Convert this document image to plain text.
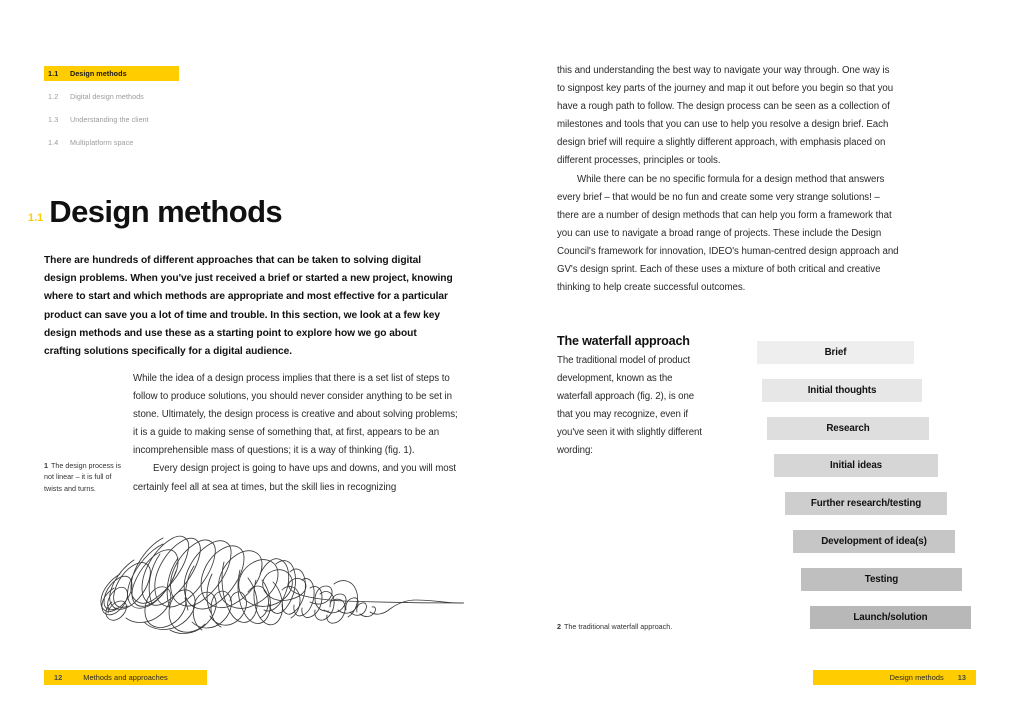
1.1	Design methods
1.2	Digital design methods
1.3	Understanding the client
1.4	Multiplatform space
1.1 Design methods
There are hundreds of different approaches that can be taken to solving digital design problems. When you've just received a brief or started a new project, knowing where to start and which methods are appropriate and most effective for a particular product can save you a lot of time and trouble. In this section, we look at a few key design methods and use these as a starting point to explore how we go about crafting solutions specifically for a digital audience.

While the idea of a design process implies that there is a set list of steps to follow to produce solutions, you should never consider anything to be set in stone. Ultimately, the design process is creative and about solving problems; it is a guide to making sense of something that, at first, appears to be an incomprehensible mass of questions; it is a way of thinking (fig. 1).

Every design project is going to have ups and downs, and you will most certainly feel all at sea at times, but the skill lies in recognizing

1 The design process is not linear – it is full of twists and turns.

this and understanding the best way to navigate your way through. One way is to signpost key parts of the journey and map it out before you begin so that you have a rough path to follow. The design process can be seen as a collection of milestones and tools that you can use to help you resolve a design brief. Each design brief will require a slightly different approach, with emphasis placed on different processes, principles or tools.

While there can be no specific formula for a design method that answers every brief – that would be no fun and create some very strange solutions! – there are a number of design methods that can help you form a framework that you can use to navigate a broad range of projects. These include the Design Council's framework for innovation, IDEO's human-centred design approach and GV's design sprint. Each of these uses a mixture of both critical and creative thinking to help create successful outcomes.

The waterfall approach
The traditional model of product development, known as the waterfall approach (fig. 2), is one that you may recognize, even if you've seen it with slightly different wording:
Brief
Initial thoughts
Research
Initial ideas
Further research/testing
Development of idea(s)
Testing
Launch/solution
2 The traditional waterfall approach.
12	Methods and approaches	Design methods 13
